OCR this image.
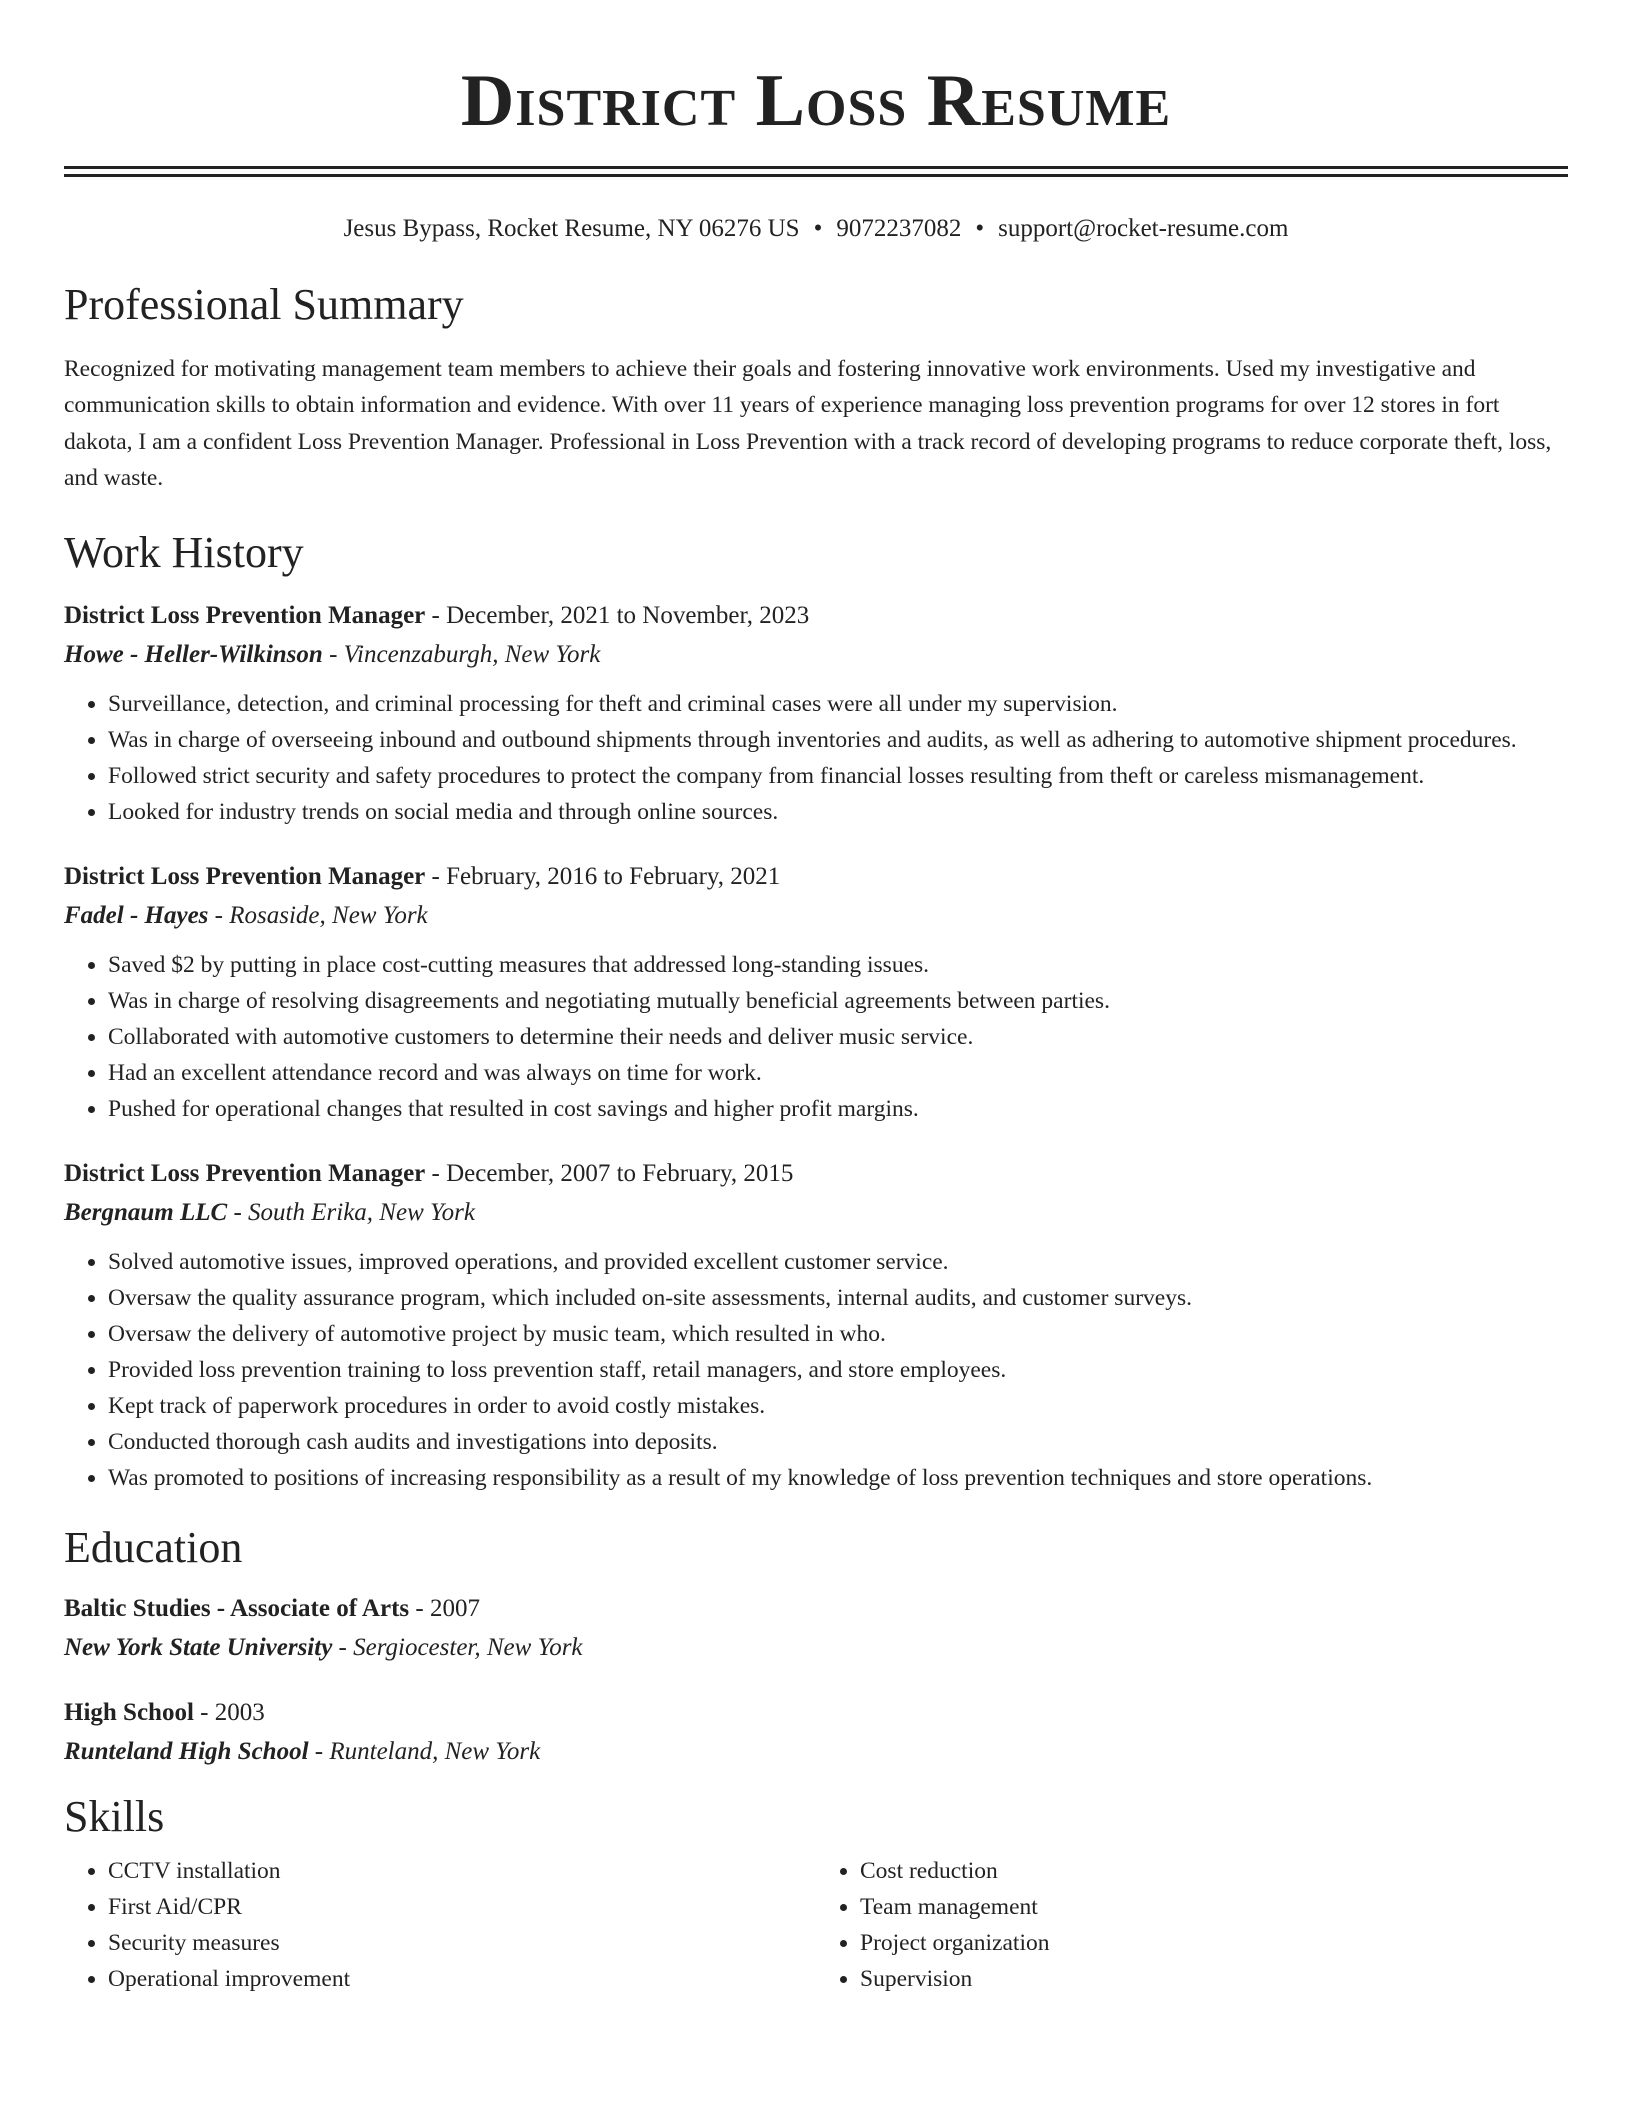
District Loss Resume
Jesus Bypass, Rocket Resume, NY 06276 US • 9072237082 • support@rocket-resume.com
Professional Summary
Recognized for motivating management team members to achieve their goals and fostering innovative work environments. Used my investigative and communication skills to obtain information and evidence. With over 11 years of experience managing loss prevention programs for over 12 stores in fort dakota, I am a confident Loss Prevention Manager. Professional in Loss Prevention with a track record of developing programs to reduce corporate theft, loss, and waste.
Work History
District Loss Prevention Manager - December, 2021 to November, 2023
Howe - Heller-Wilkinson - Vincenzaburgh, New York
• Surveillance, detection, and criminal processing for theft and criminal cases were all under my supervision.
• Was in charge of overseeing inbound and outbound shipments through inventories and audits, as well as adhering to automotive shipment procedures.
• Followed strict security and safety procedures to protect the company from financial losses resulting from theft or careless mismanagement.
• Looked for industry trends on social media and through online sources.
District Loss Prevention Manager - February, 2016 to February, 2021
Fadel - Hayes - Rosaside, New York
• Saved $2 by putting in place cost-cutting measures that addressed long-standing issues.
• Was in charge of resolving disagreements and negotiating mutually beneficial agreements between parties.
• Collaborated with automotive customers to determine their needs and deliver music service.
• Had an excellent attendance record and was always on time for work.
• Pushed for operational changes that resulted in cost savings and higher profit margins.
District Loss Prevention Manager - December, 2007 to February, 2015
Bergnaum LLC - South Erika, New York
• Solved automotive issues, improved operations, and provided excellent customer service.
• Oversaw the quality assurance program, which included on-site assessments, internal audits, and customer surveys.
• Oversaw the delivery of automotive project by music team, which resulted in who.
• Provided loss prevention training to loss prevention staff, retail managers, and store employees.
• Kept track of paperwork procedures in order to avoid costly mistakes.
• Conducted thorough cash audits and investigations into deposits.
• Was promoted to positions of increasing responsibility as a result of my knowledge of loss prevention techniques and store operations.
Education
Baltic Studies - Associate of Arts - 2007
New York State University - Sergiocester, New York
High School - 2003
Runteland High School - Runteland, New York
Skills
• CCTV installation
• First Aid/CPR
• Security measures
• Operational improvement
• Cost reduction
• Team management
• Project organization
• Supervision
